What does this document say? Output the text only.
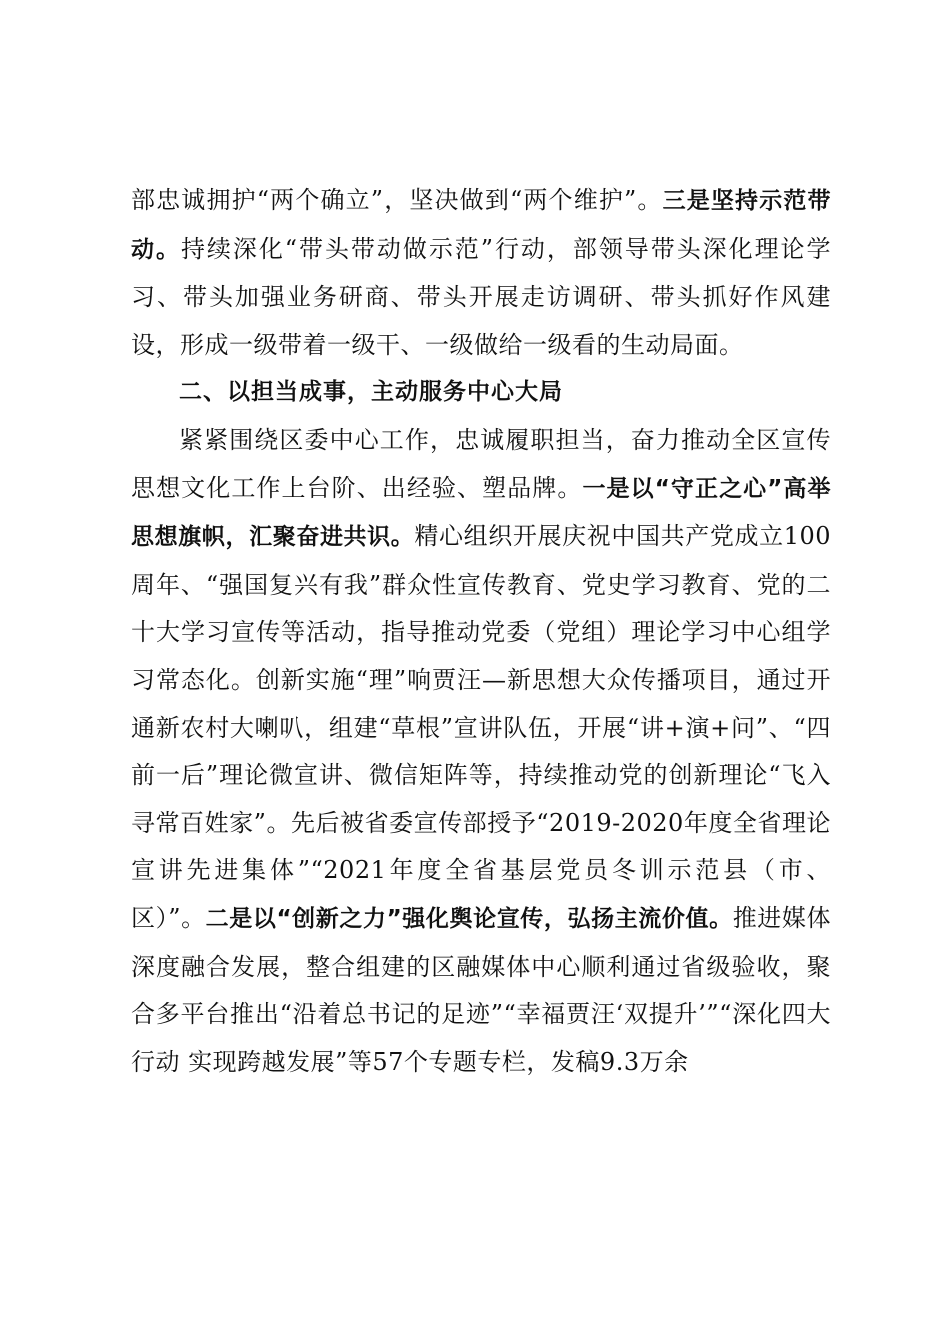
部忠诚拥护“两个确立”，坚决做到“两个维护”。三是坚持示范带动。持续深化“带头带动做示范”行动，部领导带头深化理论学习、带头加强业务研商、带头开展走访调研、带头抓好作风建设，形成一级带着一级干、一级做给一级看的生动局面。

二、以担当成事，主动服务中心大局

紧紧围绕区委中心工作，忠诚履职担当，奋力推动全区宣传思想文化工作上台阶、出经验、塑品牌。一是以“守正之心”高举思想旗帜，汇聚奋进共识。精心组织开展庆祝中国共产党成立100周年、“强国复兴有我”群众性宣传教育、党史学习教育、党的二十大学习宣传等活动，指导推动党委（党组）理论学习中心组学习常态化。创新实施“理”响贾汪—新思想大众传播项目，通过开通新农村大喇叭，组建“草根”宣讲队伍，开展“讲+演+问”、“四前一后”理论微宣讲、微信矩阵等，持续推动党的创新理论“飞入寻常百姓家”。先后被省委宣传部授予“2019-2020年度全省理论宣讲先进集体”“2021年度全省基层党员冬训示范县（市、区）”。二是以“创新之力”强化舆论宣传，弘扬主流价值。推进媒体深度融合发展，整合组建的区融媒体中心顺利通过省级验收，聚合多平台推出“沿着总书记的足迹”“幸福贾汪‘双提升’”“深化四大行动 实现跨越发展”等57个专题专栏，发稿9.3万余
